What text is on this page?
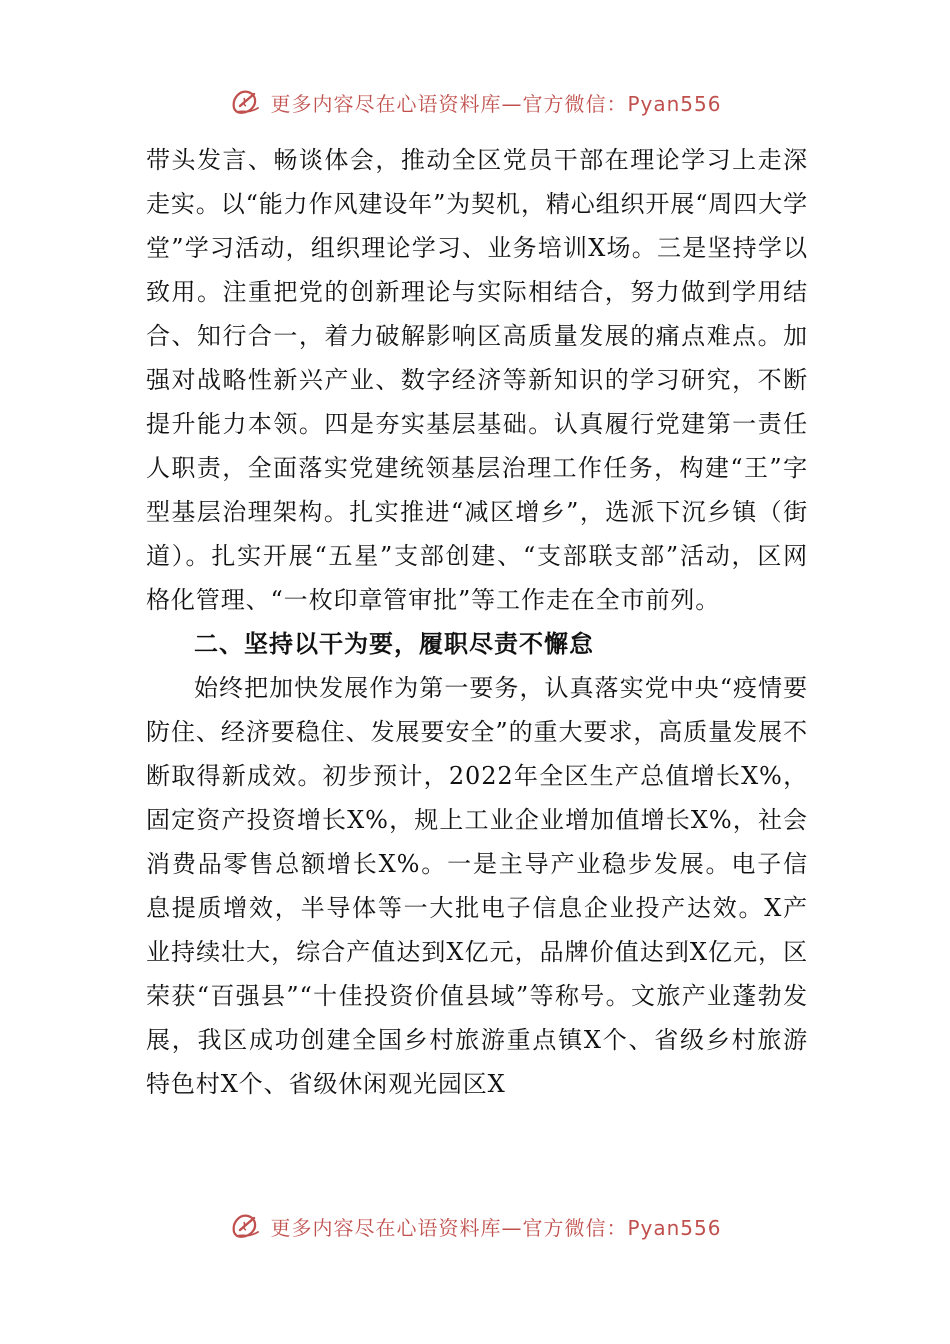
更多内容尽在心语资料库—官方微信：Pyan556

带头发言、畅谈体会，推动全区党员干部在理论学习上走深走实。以“能力作风建设年”为契机，精心组织开展“周四大学堂”学习活动，组织理论学习、业务培训X场。三是坚持学以致用。注重把党的创新理论与实际相结合，努力做到学用结合、知行合一，着力破解影响区高质量发展的痛点难点。加强对战略性新兴产业、数字经济等新知识的学习研究，不断提升能力本领。四是夯实基层基础。认真履行党建第一责任人职责，全面落实党建统领基层治理工作任务，构建“王”字型基层治理架构。扎实推进“减区增乡”，选派下沉乡镇（街道）。扎实开展“五星”支部创建、“支部联支部”活动，区网格化管理、“一枚印章管审批”等工作走在全市前列。

二、坚持以干为要，履职尽责不懈怠

始终把加快发展作为第一要务，认真落实党中央“疫情要防住、经济要稳住、发展要安全”的重大要求，高质量发展不断取得新成效。初步预计，2022年全区生产总值增长X%，固定资产投资增长X%，规上工业企业增加值增长X%，社会消费品零售总额增长X%。一是主导产业稳步发展。电子信息提质增效，半导体等一大批电子信息企业投产达效。X产业持续壮大，综合产值达到X亿元，品牌价值达到X亿元，区荣获“百强县”“十佳投资价值县域”等称号。文旅产业蓬勃发展，我区成功创建全国乡村旅游重点镇X个、省级乡村旅游特色村X个、省级休闲观光园区X

更多内容尽在心语资料库—官方微信：Pyan556
